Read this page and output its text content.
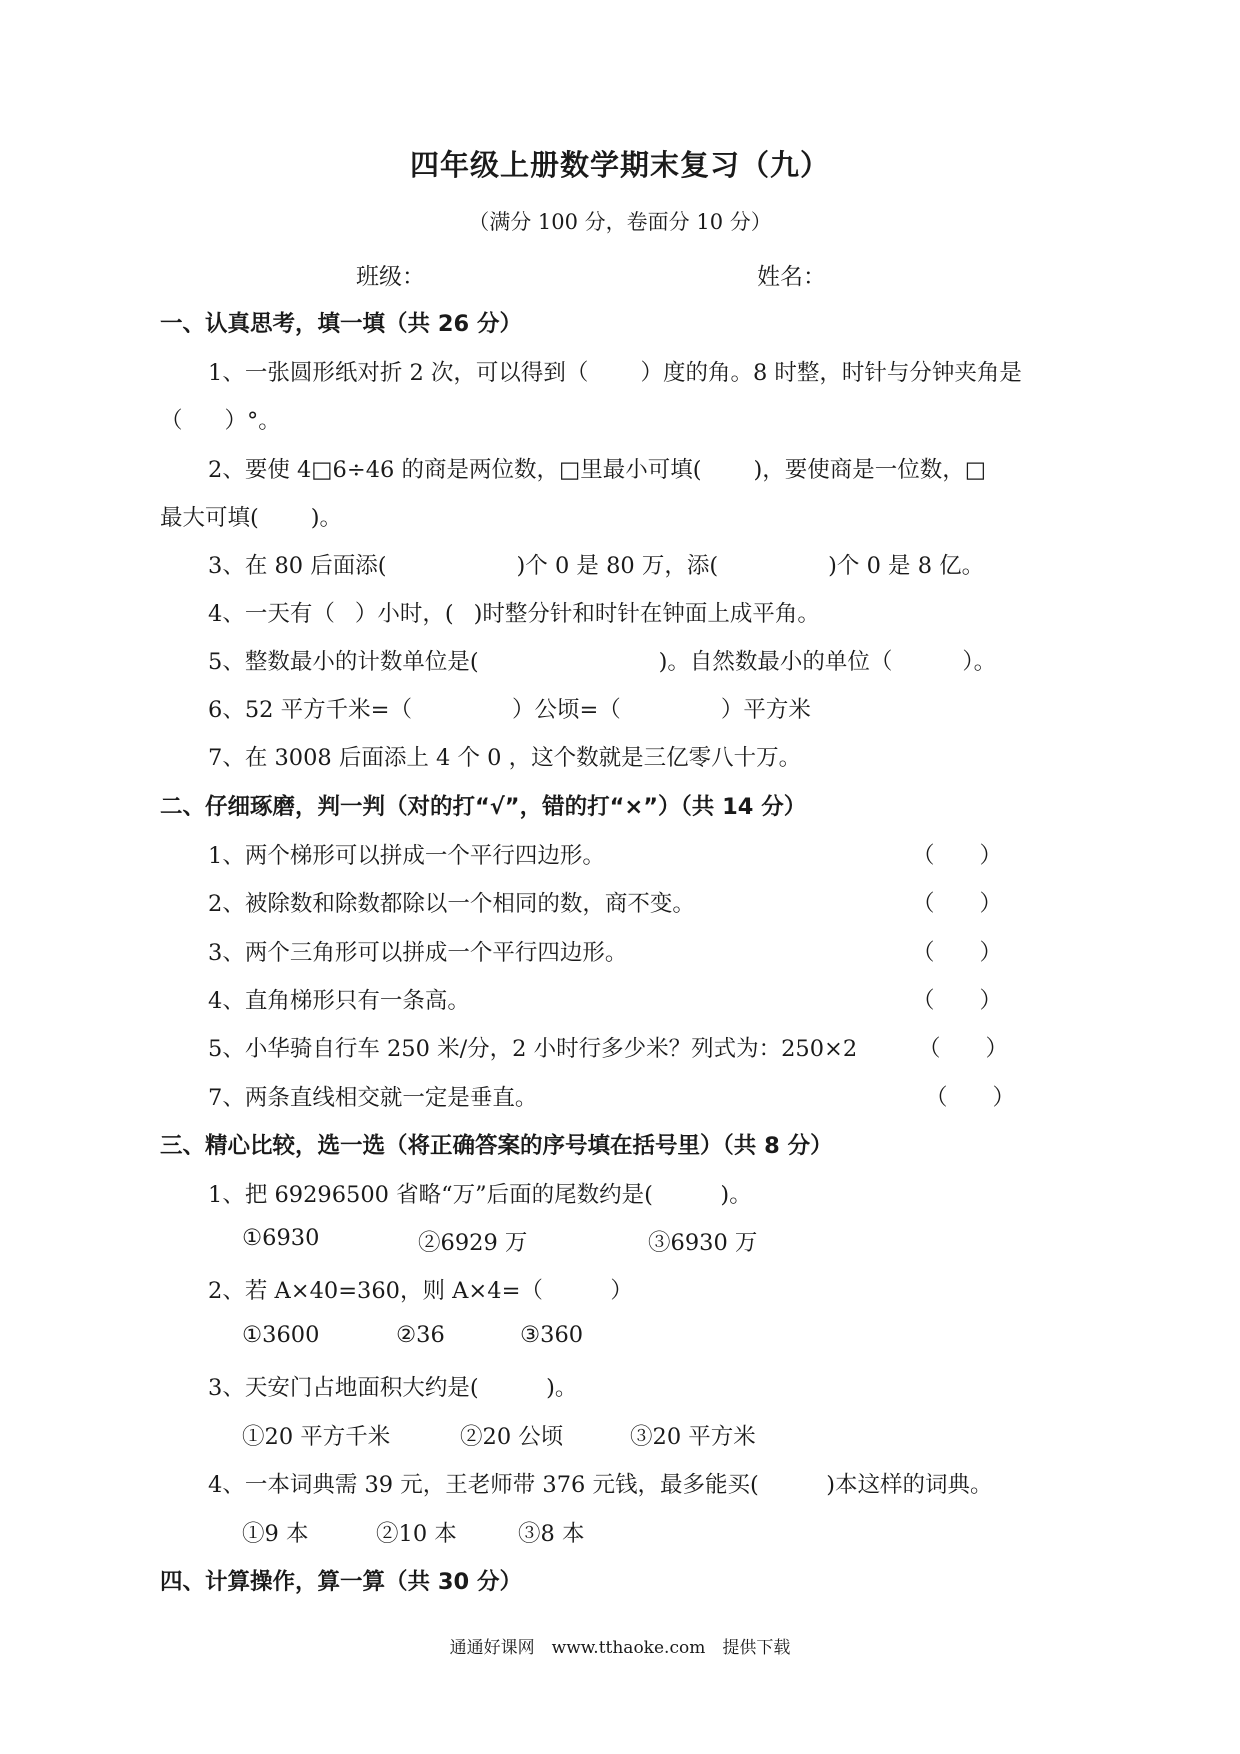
四年级上册数学期末复习（九）
（满分 100 分，卷面分 10 分）
班级：	姓名：
一、认真思考，填一填（共 26 分）
1、一张圆形纸对折 2 次，可以得到（ ）度的角。8 时整，时针与分钟夹角是
（ ）°。
2、要使 4□6÷46 的商是两位数，□里最小可填( )，要使商是一位数，□
最大可填( )。
3、在 80 后面添(	)个 0 是 80 万，添(	)个 0 是 8 亿。
4、一天有（ ）小时，( )时整分针和时针在钟面上成平角。
5、整数最小的计数单位是(	)。自然数最小的单位（	）。
6、52 平方千米=（	）公顷=（	）平方米
7、在 3008 后面添上 4 个 0 ，这个数就是三亿零八十万。
二、仔细琢磨，判一判（对的打“√”，错的打“×”）（共 14 分）
1、两个梯形可以拼成一个平行四边形。	（　　）
2、被除数和除数都除以一个相同的数，商不变。	（　　）
3、两个三角形可以拼成一个平行四边形。	（　　）
4、直角梯形只有一条高。	（　　）
5、小华骑自行车 250 米/分，2 小时行多少米？列式为：250×2	（　　）
7、两条直线相交就一定是垂直。	（　　）
三、精心比较，选一选（将正确答案的序号填在括号里）（共 8 分）
1、把 69296500 省略“万”后面的尾数约是(　　　)。
①6930	②6929 万	③6930 万
2、若 A×40=360，则 A×4=（　　　）
①3600	②36	③360
3、天安门占地面积大约是(　　　)。
①20 平方千米	②20 公顷	③20 平方米
4、一本词典需 39 元，王老师带 376 元钱，最多能买(　　　)本这样的词典。
①9 本	②10 本	③8 本
四、计算操作，算一算（共 30 分）
通通好课网　www.tthaoke.com　提供下载
